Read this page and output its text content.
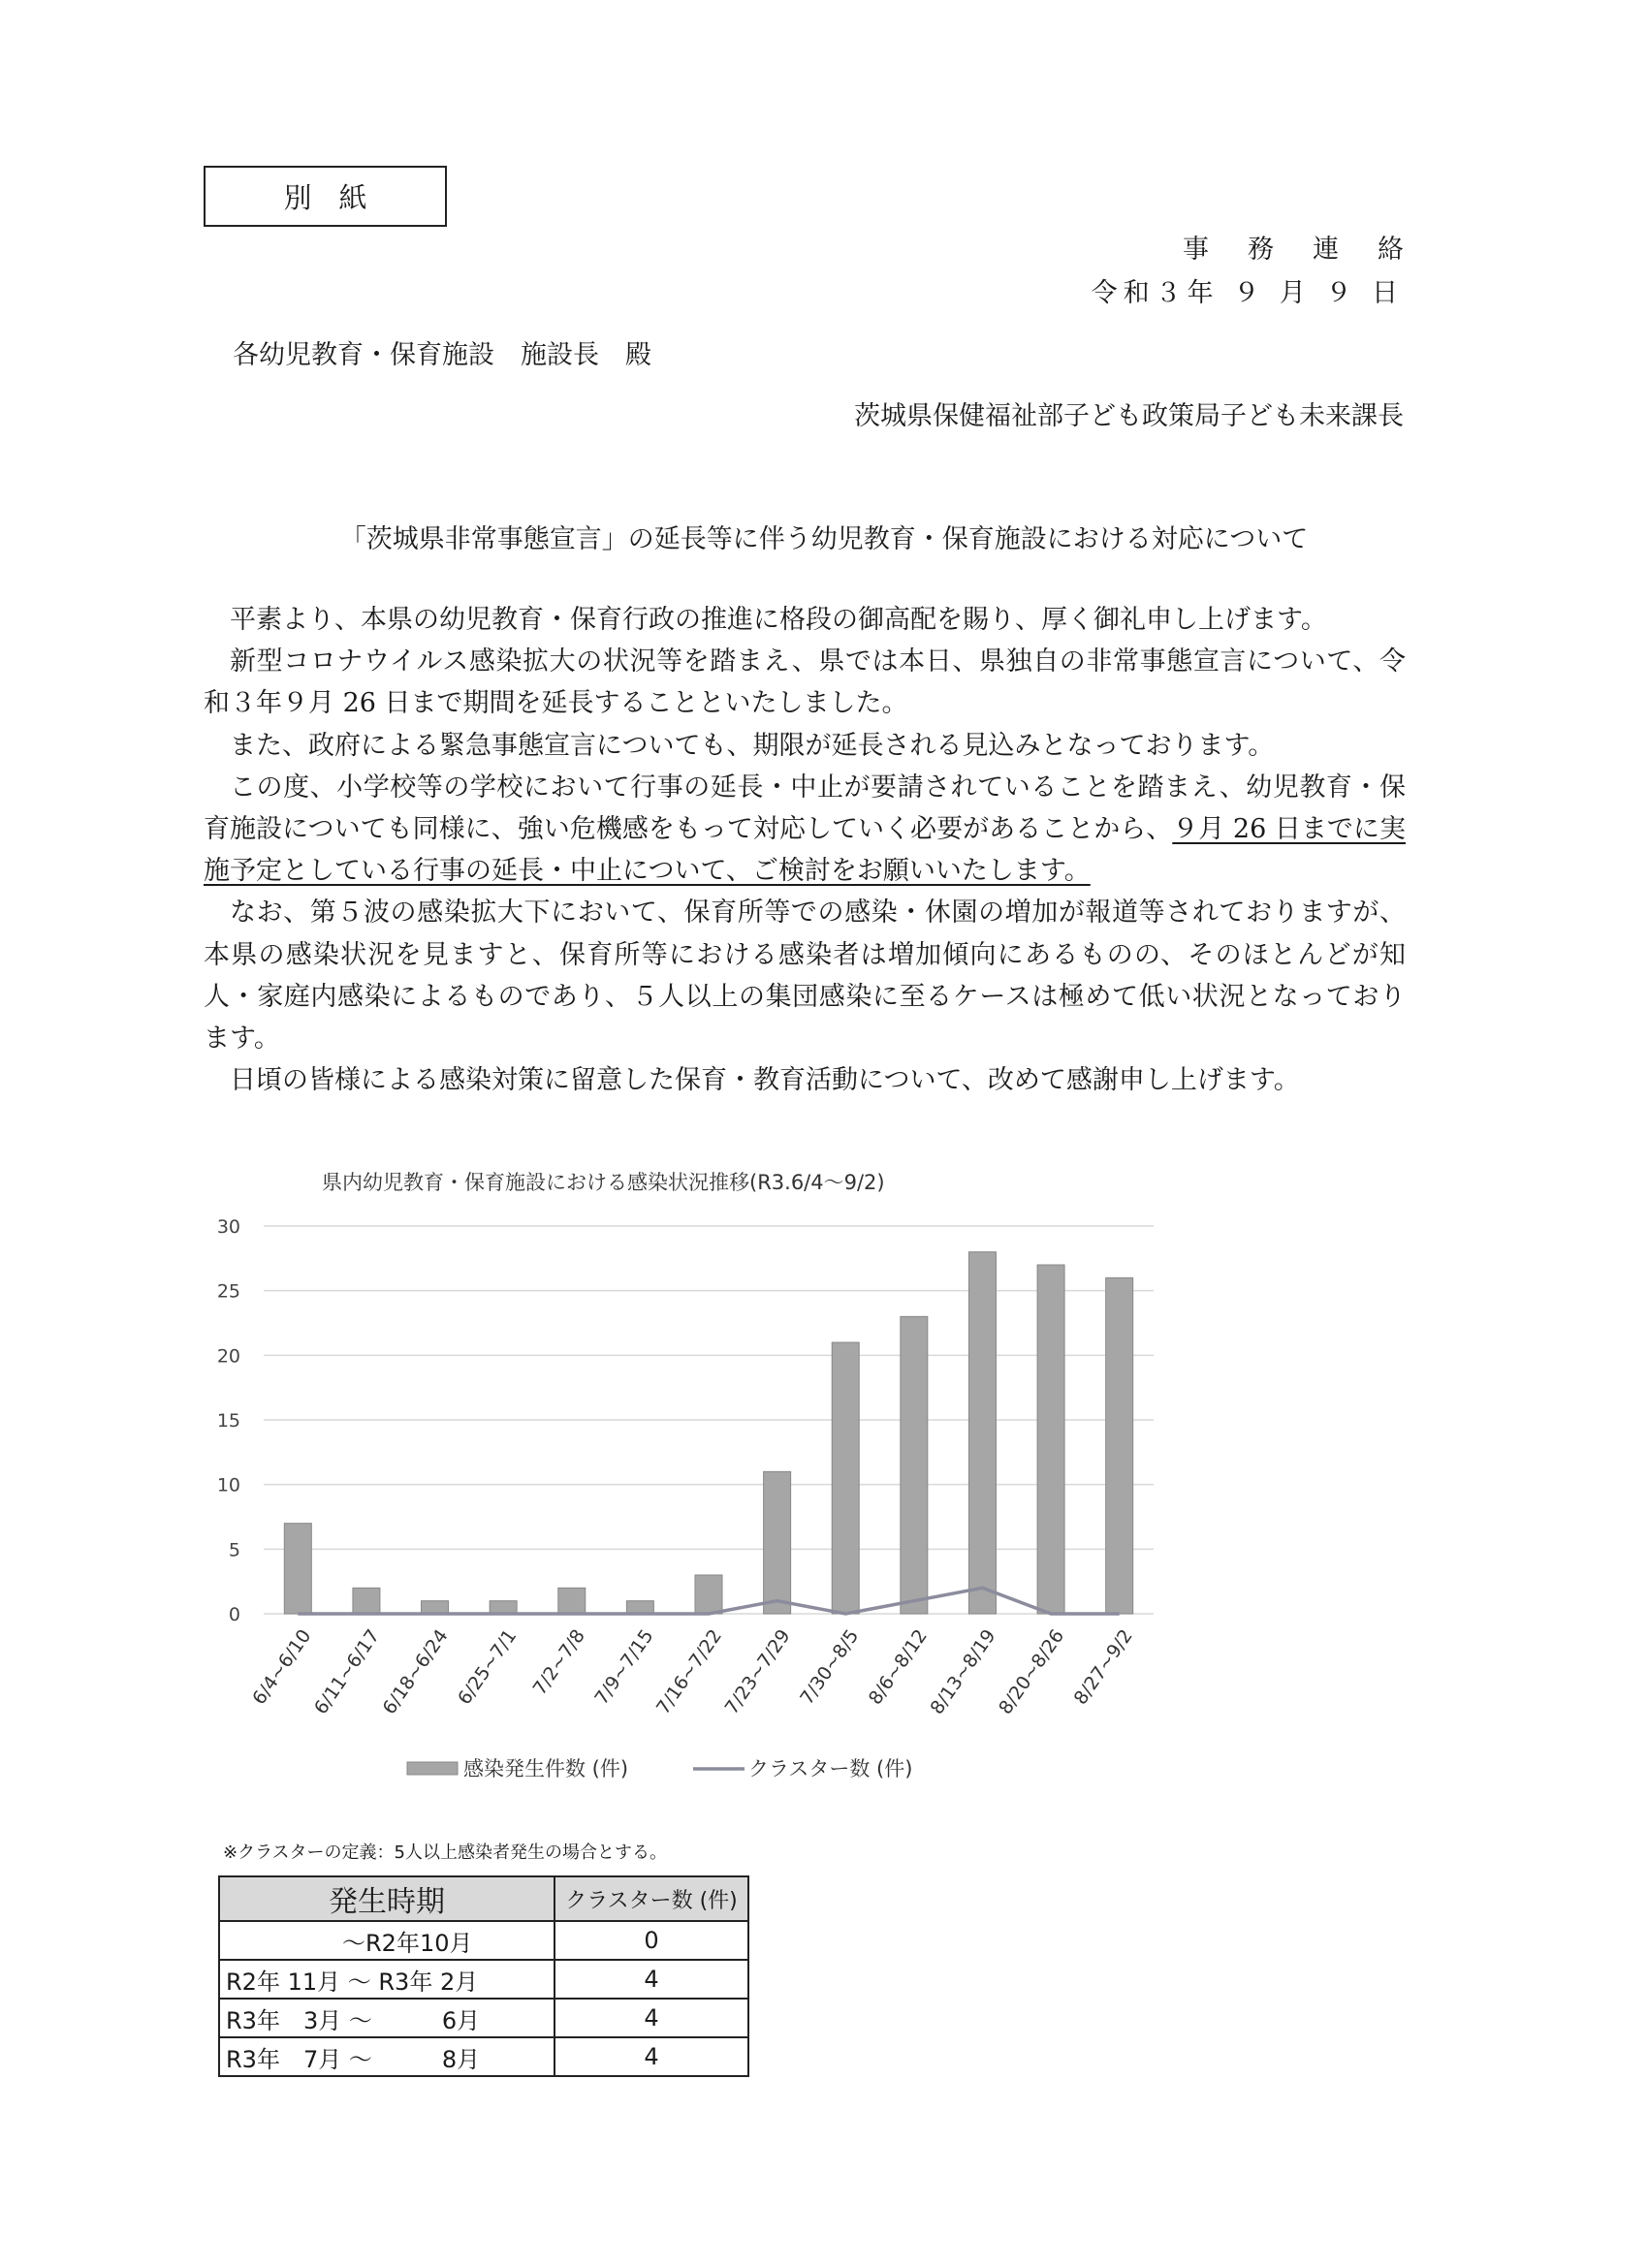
別紙
事務連絡
令和３年 ９ 月 ９ 日
各幼児教育・保育施設　施設長　殿
茨城県保健福祉部子ども政策局子ども未来課長
「茨城県非常事態宣言」の延長等に伴う幼児教育・保育施設における対応について

平素より、本県の幼児教育・保育行政の推進に格段の御高配を賜り、厚く御礼申し上げます。

新型コロナウイルス感染拡大の状況等を踏まえ、県では本日、県独自の非常事態宣言について、令和３年９月 26 日まで期間を延長することといたしました。

また、政府による緊急事態宣言についても、期限が延長される見込みとなっております。

この度、小学校等の学校において行事の延長・中止が要請されていることを踏まえ、幼児教育・保育施設についても同様に、強い危機感をもって対応していく必要があることから、９月 26 日までに実施予定としている行事の延長・中止について、ご検討をお願いいたします。

なお、第５波の感染拡大下において、保育所等での感染・休園の増加が報道等されておりますが、本県の感染状況を見ますと、保育所等における感染者は増加傾向にあるものの、そのほとんどが知人・家庭内感染によるものであり、５人以上の集団感染に至るケースは極めて低い状況となっております。

日頃の皆様による感染対策に留意した保育・教育活動について、改めて感謝申し上げます。

県内幼児教育・保育施設における感染状況推移(R3.6/4〜9/2)
0
5
10
15
20
25
30
6/4~6/10
6/11~6/17
6/18~6/24 6/25~7/1 7/2~7/8 7/9~7/15
7/16~7/22
7/23~7/29 7/30~8/5 8/6~8/12
8/13~8/19
8/20~8/26 8/27~9/2
感染発生件数 (件)	クラスター数 (件)
※クラスターの定義：5人以上感染者発生の場合とする。
発生時期	クラスター数 (件)
　　　　　～R2年10月	0
R2年 11月 ～ R3年 2月	4
R3年　3月 ～　　　6月	4
R3年　7月 ～　　　8月	4
